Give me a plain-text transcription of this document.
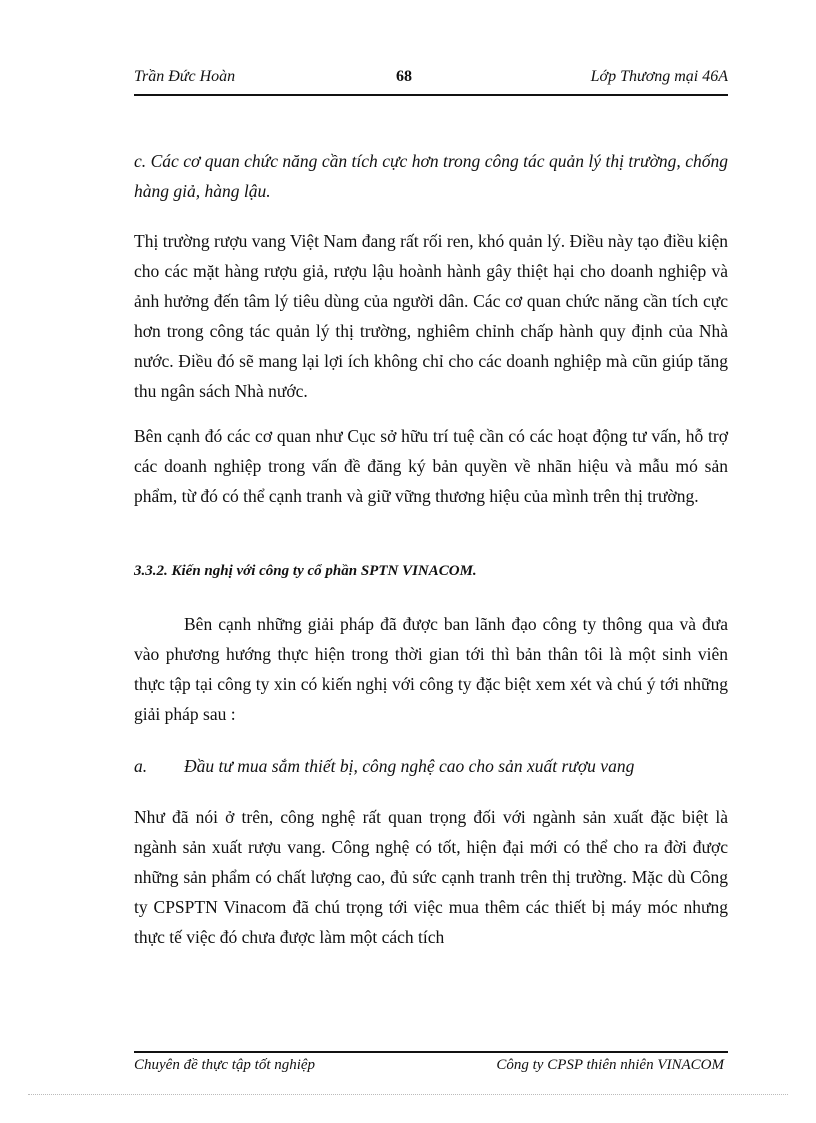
Trần Đức Hoàn	68	Lớp Thương mại 46A
c. Các cơ quan chức năng cần tích cực hơn trong công tác quản lý thị trường, chống hàng giả, hàng lậu.
Thị trường rượu vang Việt Nam đang rất rối ren, khó quản lý. Điều này tạo điều kiện cho các mặt hàng rượu giả, rượu lậu hoành hành gây thiệt hại cho doanh nghiệp và ảnh hưởng đến tâm lý tiêu dùng của người dân. Các cơ quan chức năng cần tích cực hơn trong công tác quản lý thị trường, nghiêm chỉnh chấp hành quy định của Nhà nước. Điều đó sẽ mang lại lợi ích không chỉ cho các doanh nghiệp mà cũn giúp tăng thu ngân sách Nhà nước.
Bên cạnh đó các cơ quan như Cục sở hữu trí tuệ cần có các hoạt động tư vấn, hỗ trợ các doanh nghiệp trong vấn đề đăng ký bản quyền về nhãn hiệu và mẫu mó sản phẩm, từ đó có thể cạnh tranh và giữ vững thương hiệu của mình trên thị trường.
3.3.2. Kiến nghị với công ty cổ phần SPTN VINACOM.
Bên cạnh những giải pháp đã được ban lãnh đạo công ty thông qua và đưa vào phương hướng thực hiện trong thời gian tới thì bản thân tôi là một sinh viên thực tập tại công ty xin có kiến nghị với công ty đặc biệt xem xét và chú ý tới những giải pháp sau :
a. Đầu tư mua sắm thiết bị, công nghệ cao cho sản xuất rượu vang
Như đã nói ở trên, công nghệ rất quan trọng đối với ngành sản xuất đặc biệt là ngành sản xuất rượu vang. Công nghệ có tốt, hiện đại mới có thể cho ra đời được những sản phẩm có chất lượng cao, đủ sức cạnh tranh trên thị trường. Mặc dù Công ty CPSPTN Vinacom đã chú trọng tới việc mua thêm các thiết bị máy móc nhưng thực tế việc đó chưa được làm một cách tích
Chuyên đề thực tập tốt nghiệp	Công ty CPSP thiên nhiên VINACOM
